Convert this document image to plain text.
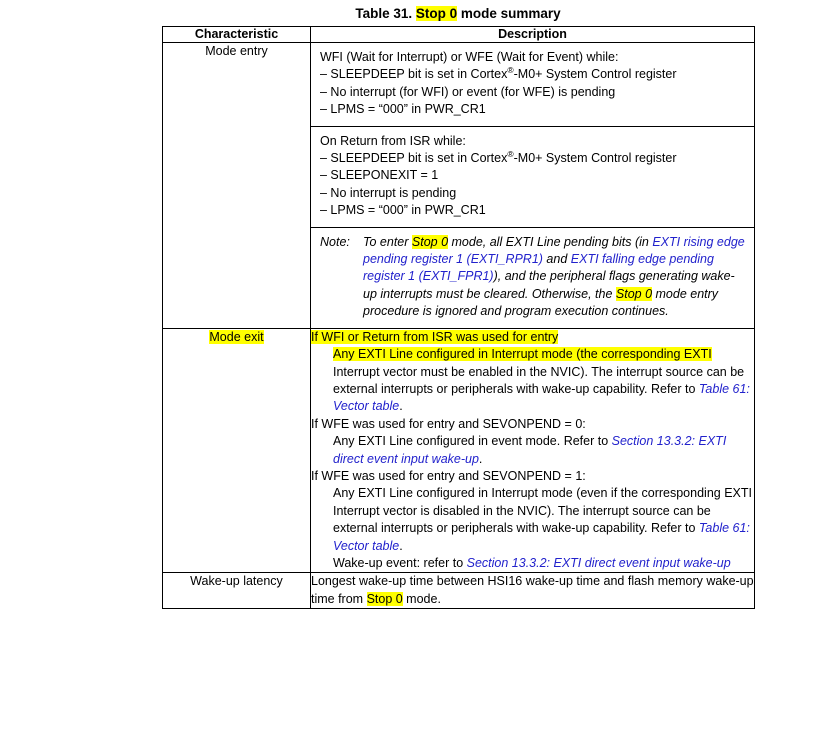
Table 31. Stop 0 mode summary
Characteristic	Description
Mode entry		WFI (Wait for Interrupt) or WFE (Wait for Event) while:
– SLEEPDEEP bit is set in Cortex®-M0+ System Control register
– No interrupt (for WFI) or event (for WFE) is pending
– LPMS = “000” in PWR_CR1

On Return from ISR while:
– SLEEPDEEP bit is set in Cortex®-M0+ System Control register
– SLEEPONEXIT = 1
– No interrupt is pending
– LPMS = “000” in PWR_CR1

Note:	To enter Stop 0 mode, all EXTI Line pending bits (in EXTI rising edge pending register 1 (EXTI_RPR1) and EXTI falling edge pending register 1 (EXTI_FPR1)), and the peripheral flags generating wake-up interrupts must be cleared. Otherwise, the Stop 0 mode entry procedure is ignored and program execution continues.

Mode exit	If WFI or Return from ISR was used for entry
Any EXTI Line configured in Interrupt mode (the corresponding EXTI Interrupt vector must be enabled in the NVIC). The interrupt source can be external interrupts or peripherals with wake-up capability. Refer to Table 61: Vector table.
If WFE was used for entry and SEVONPEND = 0:
Any EXTI Line configured in event mode. Refer to Section 13.3.2: EXTI direct event input wake-up.
If WFE was used for entry and SEVONPEND = 1:
Any EXTI Line configured in Interrupt mode (even if the corresponding EXTI Interrupt vector is disabled in the NVIC). The interrupt source can be external interrupts or peripherals with wake-up capability. Refer to Table 61: Vector table.
Wake-up event: refer to Section 13.3.2: EXTI direct event input wake-up

Wake-up latency	Longest wake-up time between HSI16 wake-up time and flash memory wake-up time from Stop 0 mode.
